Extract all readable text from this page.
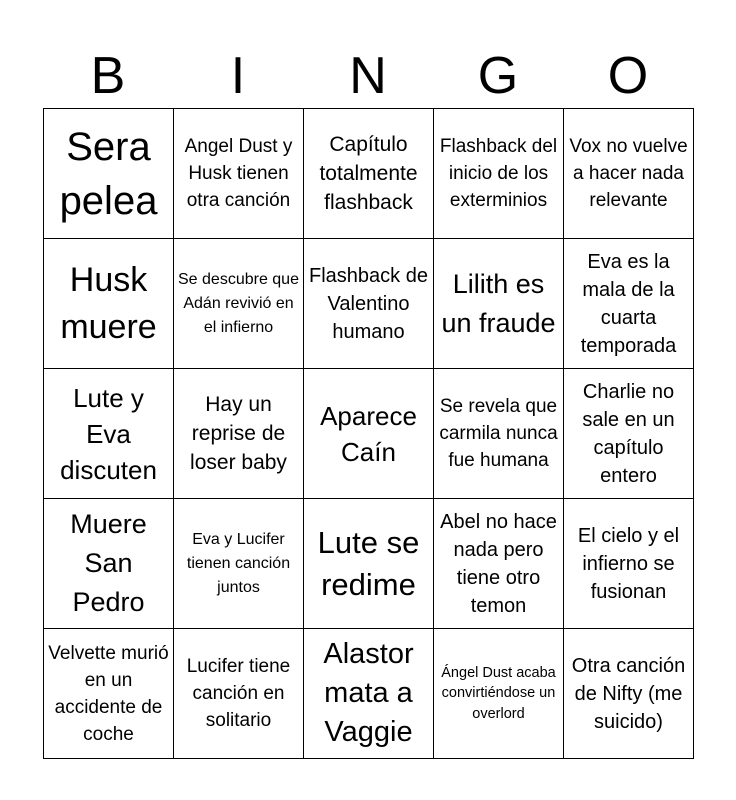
B	I	N	G	O
Sera pelea	Angel Dust y Husk tienen otra canción	Capítulo totalmente flashback	Flashback del inicio de los exterminios	Vox no vuelve a hacer nada relevante
Husk muere	Se descubre que Adán revivió en el infierno	Flashback de Valentino humano	Lilith es un fraude	Eva es la mala de la cuarta temporada
Lute y Eva discuten	Hay un reprise de loser baby	Aparece Caín	Se revela que carmila nunca fue humana	Charlie no sale en un capítulo entero
Muere San Pedro	Eva y Lucifer tienen canción juntos	Lute se redime	Abel no hace nada pero tiene otro temon	El cielo y el infierno se fusionan
Velvette murió en un accidente de coche	Lucifer tiene canción en solitario	Alastor mata a Vaggie	Ángel Dust acaba convirtiéndose un overlord	Otra canción de Nifty (me suicido)
